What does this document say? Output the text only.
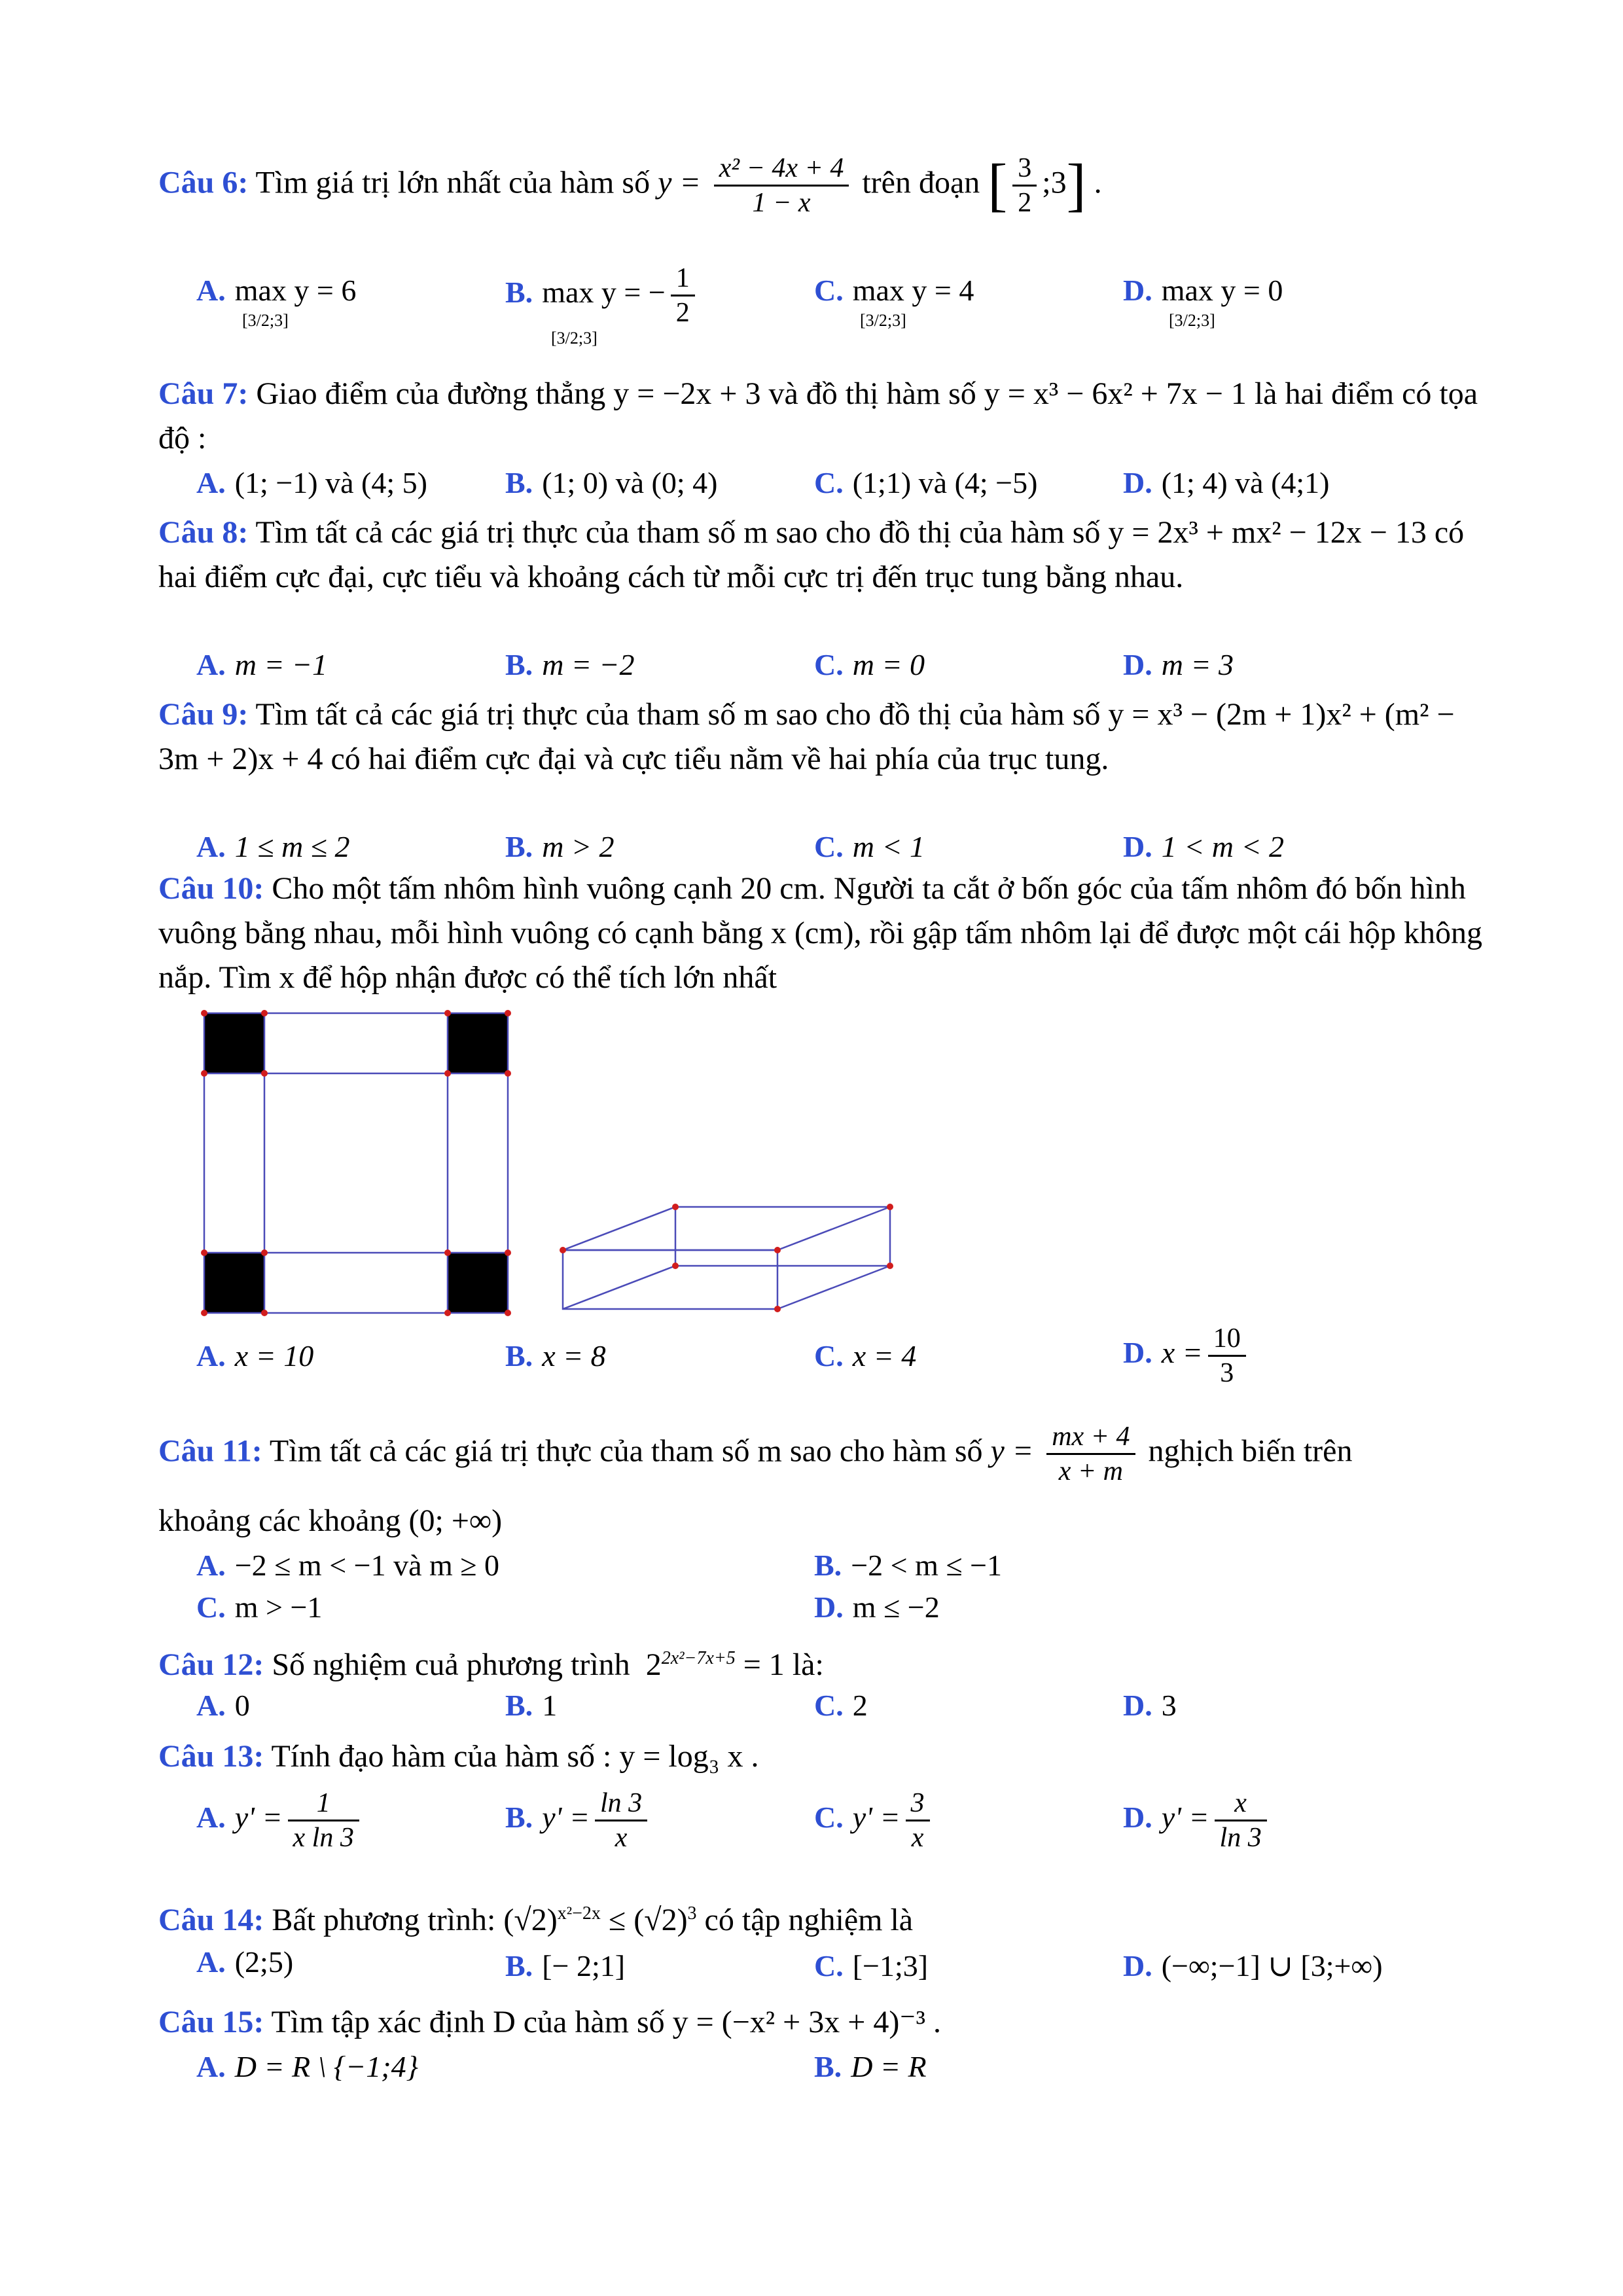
Câu 6: Tìm giá trị lớn nhất của hàm số $y = \frac{\text{x² − 4x + 4}}{1 - x}$ trên đoạn [ $\frac{3}{2}$ ;3] .
A. max y = 6
[3/2;3]
B. max y = − $\frac{1}{2}$
[3/2;3]
C. max y = 4
[3/2;3]
D. max y = 0
[3/2;3]
Câu 7: Giao điểm của đường thẳng y = −2x + 3 và đồ thị hàm số y = x³ − 6x² + 7x − 1 là hai điểm có tọa độ :
A. (1; −1) và (4; 5)	B. (1; 0) và (0; 4)	C. (1;1) và (4; −5)	D. (1; 4) và (4;1)
Câu 8: Tìm tất cả các giá trị thực của tham số m sao cho đồ thị của hàm số y = 2x³ + mx² − 12x − 13 có hai điểm cực đại, cực tiểu và khoảng cách từ mỗi cực trị đến trục tung bằng nhau.
A. m = −1	B. m = −2	C. m = 0	D. m = 3
Câu 9: Tìm tất cả các giá trị thực của tham số m sao cho đồ thị của hàm số y = x³ − (2m + 1)x² + (m² − 3m + 2)x + 4 có hai điểm cực đại và cực tiểu nằm về hai phía của trục tung.
A. 1 ≤ m ≤ 2	B. m > 2	C. m < 1	D. 1 < m < 2
Câu 10: Cho một tấm nhôm hình vuông cạnh 20 cm. Người ta cắt ở bốn góc của tấm nhôm đó bốn hình vuông bằng nhau, mỗi hình vuông có cạnh bằng x (cm), rồi gập tấm nhôm lại để được một cái hộp không nắp. Tìm x để hộp nhận được có thể tích lớn nhất
A. x = 10	B. x = 8	C. x = 4	D. $x = \frac{10}{3}$
Câu 11: Tìm tất cả các giá trị thực của tham số m sao cho hàm số $y = \frac{mx + 4}{x + m}$ nghịch biến trên
khoảng các khoảng (0; +∞)
A. −2 ≤ m < −1 và m ≥ 0	B. −2 < m ≤ −1
C. m > −1	D. m ≤ −2
Câu 12: Số nghiệm cuả phương trình $2^{2x^2-7x+5} = 1$ là:
A. 0	B. 1	C. 2	D. 3
Câu 13: Tính đạo hàm của hàm số : y = log₃ x .
A. $y' = \frac{1}{\text{x ln 3}}$	B. $y' = \frac{\ln 3}{x}$	C. $y' = \frac{3}{x}$	D. $y' = \frac{x}{\ln 3}$
Câu 14: Bất phương trình: $(√2)^{x^2-2x} \le (√2)^3$ có tập nghiệm là
A. (2;5)	B. [− 2;1]	C. [−1;3]	D. (−∞;−1] ∪ [3;+∞)
Câu 15: Tìm tập xác định D của hàm số y = (−x² + 3x + 4)⁻³ .
A. D = R \ {−1;4}	B. D = R
